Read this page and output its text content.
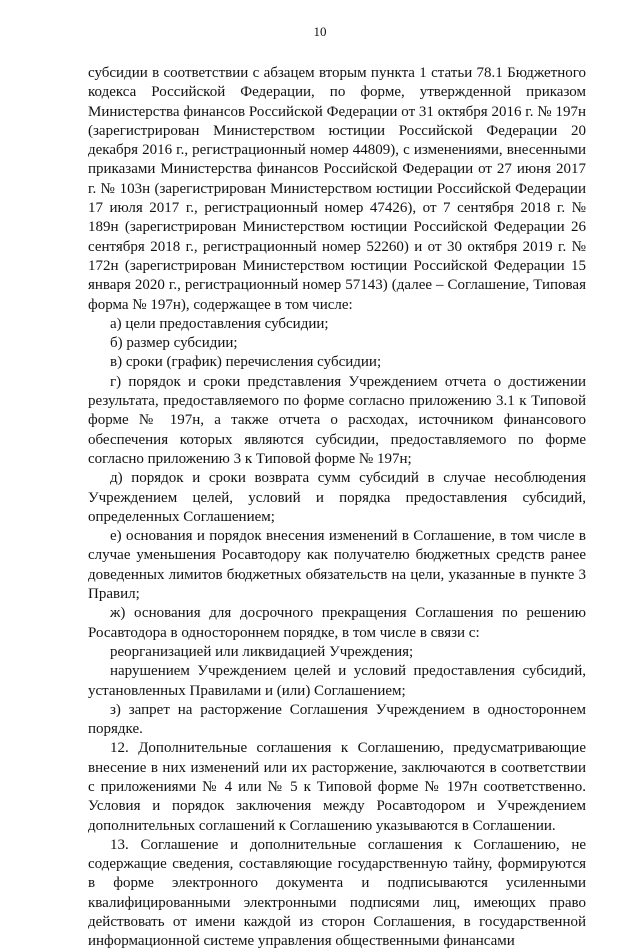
10

субсидии в соответствии с абзацем вторым пункта 1 статьи 78.1 Бюджетного кодекса Российской Федерации, по форме, утвержденной приказом Министерства финансов Российской Федерации от 31 октября 2016 г. № 197н (зарегистрирован Министерством юстиции Российской Федерации 20 декабря 2016 г., регистрационный номер 44809), с изменениями, внесенными приказами Министерства финансов Российской Федерации от 27 июня 2017 г. № 103н (зарегистрирован Министерством юстиции Российской Федерации 17 июля 2017 г., регистрационный номер 47426), от 7 сентября 2018 г. № 189н (зарегистрирован Министерством юстиции Российской Федерации 26 сентября 2018 г., регистрационный номер 52260) и от 30 октября 2019 г. № 172н (зарегистрирован Министерством юстиции Российской Федерации 15 января 2020 г., регистрационный номер 57143) (далее – Соглашение, Типовая форма № 197н), содержащее в том числе:

а) цели предоставления субсидии;

б) размер субсидии;

в) сроки (график) перечисления субсидии;

г) порядок и сроки представления Учреждением отчета о достижении результата, предоставляемого по форме согласно приложению 3.1 к Типовой форме № 197н, а также отчета о расходах, источником финансового обеспечения которых являются субсидии, предоставляемого по форме согласно приложению 3 к Типовой форме № 197н;

д) порядок и сроки возврата сумм субсидий в случае несоблюдения Учреждением целей, условий и порядка предоставления субсидий, определенных Соглашением;

е) основания и порядок внесения изменений в Соглашение, в том числе в случае уменьшения Росавтодору как получателю бюджетных средств ранее доведенных лимитов бюджетных обязательств на цели, указанные в пункте 3 Правил;

ж) основания для досрочного прекращения Соглашения по решению Росавтодора в одностороннем порядке, в том числе в связи с:

реорганизацией или ликвидацией Учреждения;

нарушением Учреждением целей и условий предоставления субсидий, установленных Правилами и (или) Соглашением;

з) запрет на расторжение Соглашения Учреждением в одностороннем порядке.

12. Дополнительные соглашения к Соглашению, предусматривающие внесение в них изменений или их расторжение, заключаются в соответствии с приложениями № 4 или № 5 к Типовой форме № 197н соответственно. Условия и порядок заключения между Росавтодором и Учреждением дополнительных соглашений к Соглашению указываются в Соглашении.

13. Соглашение и дополнительные соглашения к Соглашению, не содержащие сведения, составляющие государственную тайну, формируются в форме электронного документа и подписываются усиленными квалифицированными электронными подписями лиц, имеющих право действовать от имени каждой из сторон Соглашения, в государственной информационной системе управления общественными финансами
